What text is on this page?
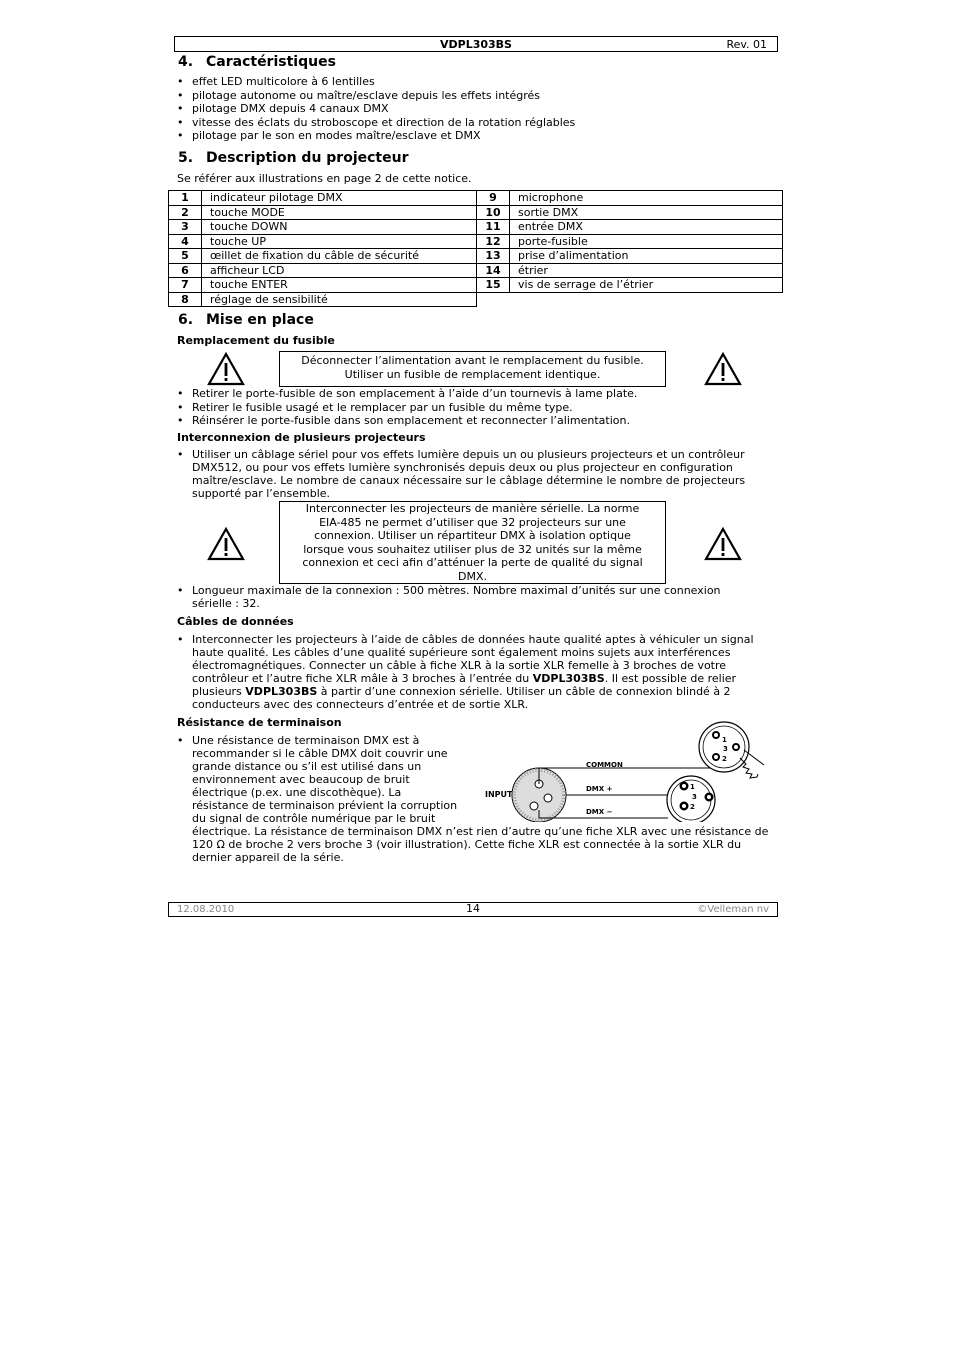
VDPL303BS	Rev. 01
4. Caractéristiques
• effet LED multicolore à 6 lentilles
• pilotage autonome ou maître/esclave depuis les effets intégrés
• pilotage DMX depuis 4 canaux DMX
• vitesse des éclats du stroboscope et direction de la rotation réglables
• pilotage par le son en modes maître/esclave et DMX
5. Description du projecteur
Se référer aux illustrations en page 2 de cette notice.
1	indicateur pilotage DMX
2	touche MODE
3	touche DOWN
4	touche UP
5	œillet de fixation du câble de sécurité
6	afficheur LCD
7	touche ENTER
8	réglage de sensibilité
9	microphone
10	sortie DMX
11	entrée DMX
12	porte-fusible
13	prise d’alimentation
14	étrier
15	vis de serrage de l’étrier
6. Mise en place
Remplacement du fusible
Déconnecter l’alimentation avant le remplacement du fusible.
Utiliser un fusible de remplacement identique.
• Retirer le porte-fusible de son emplacement à l’aide d’un tournevis à lame plate.
• Retirer le fusible usagé et le remplacer par un fusible du même type.
• Réinsérer le porte-fusible dans son emplacement et reconnecter l’alimentation.
Interconnexion de plusieurs projecteurs
• Utiliser un câblage sériel pour vos effets lumière depuis un ou plusieurs projecteurs et un contrôleur DMX512, ou pour vos effets lumière synchronisés depuis deux ou plus projecteur en configuration maître/esclave. Le nombre de canaux nécessaire sur le câblage détermine le nombre de projecteurs supporté par l’ensemble.
Interconnecter les projecteurs de manière sérielle. La norme EIA-485 ne permet d’utiliser que 32 projecteurs sur une connexion. Utiliser un répartiteur DMX à isolation optique lorsque vous souhaitez utiliser plus de 32 unités sur la même connexion et ceci afin d’atténuer la perte de qualité du signal DMX.
• Longueur maximale de la connexion : 500 mètres. Nombre maximal d’unités sur une connexion sérielle : 32.
Câbles de données
• Interconnecter les projecteurs à l’aide de câbles de données haute qualité aptes à véhiculer un signal haute qualité. Les câbles d’une qualité supérieure sont également moins sujets aux interférences électromagnétiques. Connecter un câble à fiche XLR à la sortie XLR femelle à 3 broches de votre contrôleur et l’autre fiche XLR mâle à 3 broches à l’entrée du VDPL303BS. Il est possible de relier plusieurs VDPL303BS à partir d’une connexion sérielle. Utiliser un câble de connexion blindé à 2 conducteurs avec des connecteurs d’entrée et de sortie XLR.
Résistance de terminaison
• Une résistance de terminaison DMX est à
recommander si le câble DMX doit couvrir une
grande distance ou s’il est utilisé dans un
environnement avec beaucoup de bruit
électrique (p.ex. une discothèque). La
résistance de terminaison prévient la corruption
du signal de contrôle numérique par le bruit
électrique. La résistance de terminaison DMX n’est rien d’autre qu’une fiche XLR avec une résistance de 120 Ω de broche 2 vers broche 3 (voir illustration). Cette fiche XLR est connectée à la sortie XLR du dernier appareil de la série.
INPUT
COMMON
DMX +
DMX −
1
3
2
1
3
2
12.08.2010	14	©Velleman nv
